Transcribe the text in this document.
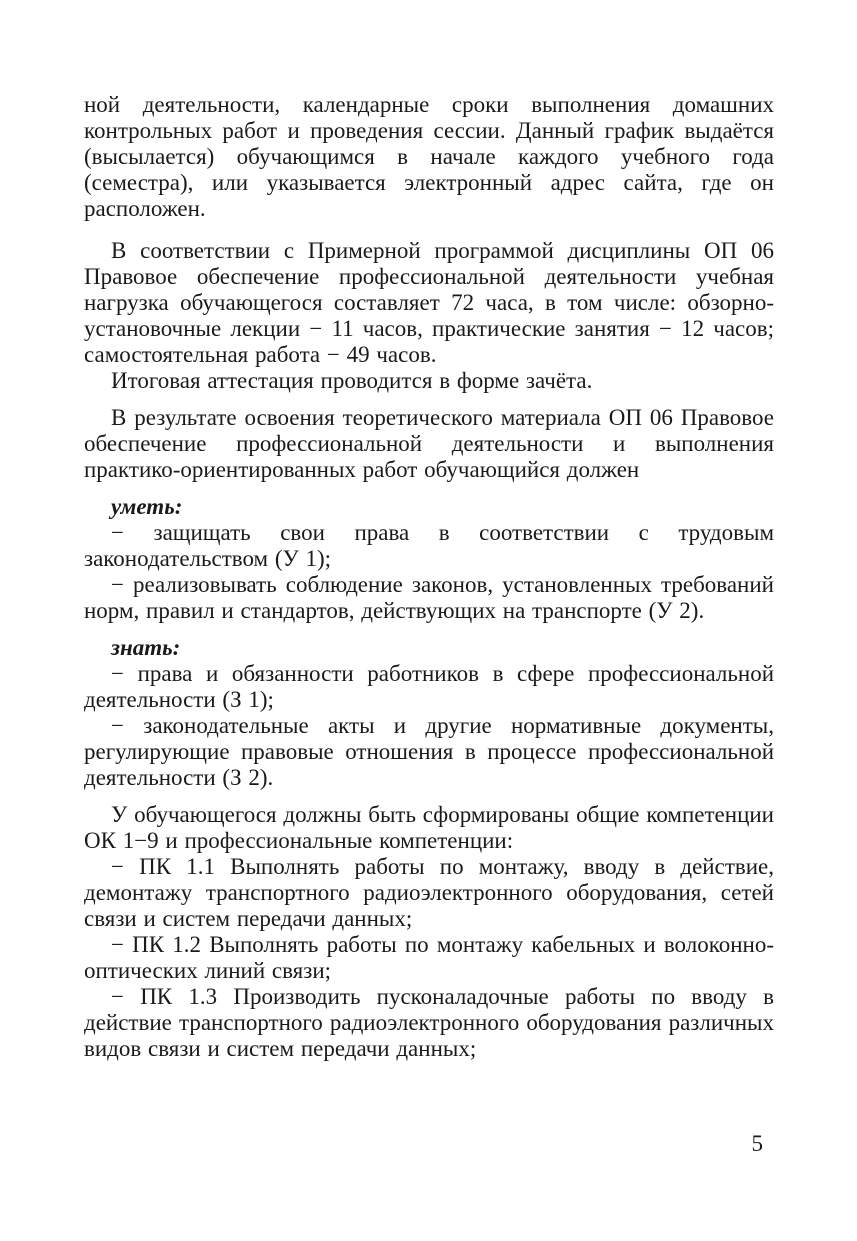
ной деятельности, календарные сроки выполнения домашних контрольных работ и проведения сессии. Данный график выдаётся (высылается) обучающимся в начале каждого учебного года (семестра), или указывается электронный адрес сайта, где он расположен.

В соответствии с Примерной программой дисциплины ОП 06 Правовое обеспечение профессиональной деятельности учебная нагрузка обучающегося составляет 72 часа, в том числе: обзорно-установочные лекции − 11 часов, практические занятия − 12 часов; самостоятельная работа − 49 часов.

Итоговая аттестация проводится в форме зачёта.

В результате освоения теоретического материала ОП 06 Правовое обеспечение профессиональной деятельности и выполнения практико-ориентированных работ обучающийся должен

уметь:

− защищать свои права в соответствии с трудовым законодательством (У 1);

− реализовывать соблюдение законов, установленных требований норм, правил и стандартов, действующих на транспорте (У 2).

знать:

− права и обязанности работников в сфере профессиональной деятельности (З 1);

− законодательные акты и другие нормативные документы, регулирующие правовые отношения в процессе профессиональной деятельности (З 2).

У обучающегося должны быть сформированы общие компетенции ОК 1−9 и профессиональные компетенции:

− ПК 1.1 Выполнять работы по монтажу, вводу в действие, демонтажу транспортного радиоэлектронного оборудования, сетей связи и систем передачи данных;

− ПК 1.2 Выполнять работы по монтажу кабельных и волоконно-оптических линий связи;

− ПК 1.3 Производить пусконаладочные работы по вводу в действие транспортного радиоэлектронного оборудования различных видов связи и систем передачи данных;

5
